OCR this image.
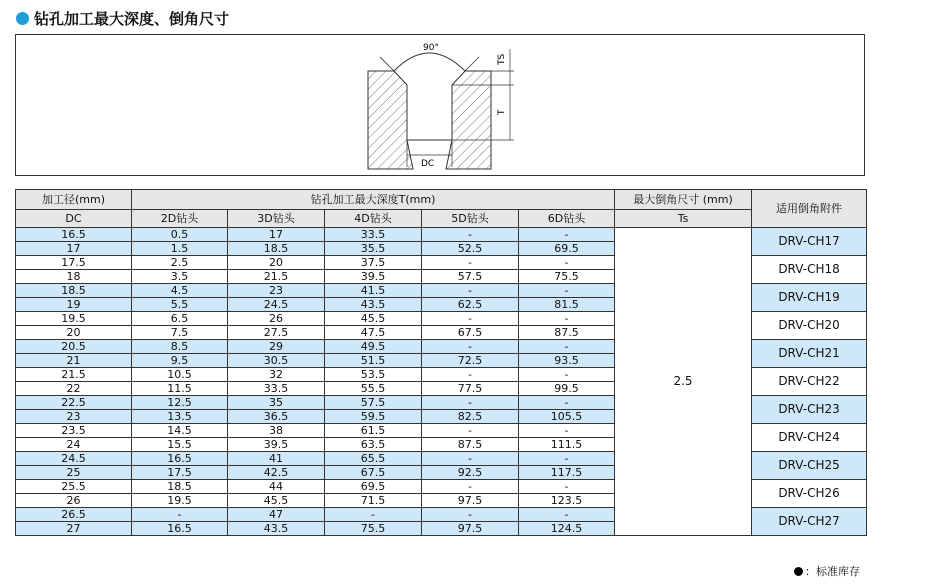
钻孔加工最大深度、倒角尺寸
90°
TS
T
DC
加工径(mm)	钻孔加工最大深度T(mm)					最大倒角尺寸 (mm)	适用倒角附件
DC	2D钻头	3D钻头	4D钻头	5D钻头	6D钻头	Ts	
16.5	0.5	17	33.5	-	-	2.5	DRV-CH17
17	1.5	18.5	35.5	52.5	69.5		
17.5	2.5	20	37.5	-	-		DRV-CH18
18	3.5	21.5	39.5	57.5	75.5		
18.5	4.5	23	41.5	-	-		DRV-CH19
19	5.5	24.5	43.5	62.5	81.5		
19.5	6.5	26	45.5	-	-		DRV-CH20
20	7.5	27.5	47.5	67.5	87.5		
20.5	8.5	29	49.5	-	-		DRV-CH21
21	9.5	30.5	51.5	72.5	93.5		
21.5	10.5	32	53.5	-	-		DRV-CH22
22	11.5	33.5	55.5	77.5	99.5		
22.5	12.5	35	57.5	-	-		DRV-CH23
23	13.5	36.5	59.5	82.5	105.5		
23.5	14.5	38	61.5	-	-		DRV-CH24
24	15.5	39.5	63.5	87.5	111.5		
24.5	16.5	41	65.5	-	-		DRV-CH25
25	17.5	42.5	67.5	92.5	117.5		
25.5	18.5	44	69.5	-	-		DRV-CH26
26	19.5	45.5	71.5	97.5	123.5		
26.5	-	47	-	-	-		DRV-CH27
27	16.5	43.5	75.5	97.5	124.5		
：标准库存
